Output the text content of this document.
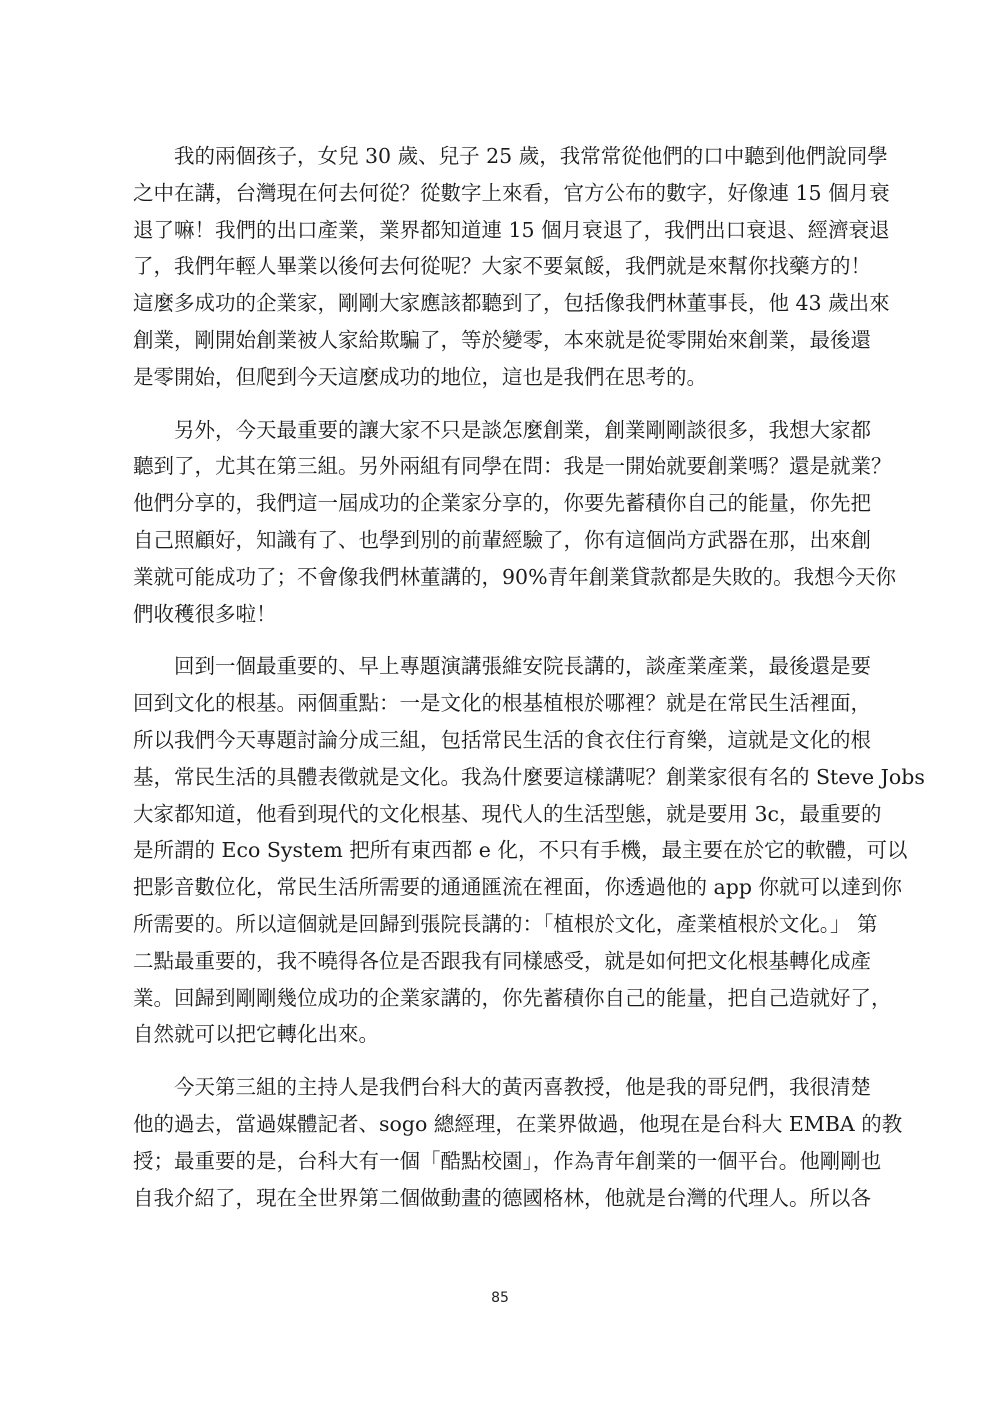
我的兩個孩子，女兒 30 歲、兒子 25 歲，我常常從他們的口中聽到他們說同學
之中在講，台灣現在何去何從？從數字上來看，官方公布的數字，好像連 15 個月衰
退了嘛！我們的出口產業，業界都知道連 15 個月衰退了，我們出口衰退、經濟衰退
了，我們年輕人畢業以後何去何從呢？大家不要氣餒，我們就是來幫你找藥方的！
這麼多成功的企業家，剛剛大家應該都聽到了，包括像我們林董事長，他 43 歲出來
創業，剛開始創業被人家給欺騙了，等於變零，本來就是從零開始來創業，最後還
是零開始，但爬到今天這麼成功的地位，這也是我們在思考的。

另外，今天最重要的讓大家不只是談怎麼創業，創業剛剛談很多，我想大家都
聽到了，尤其在第三組。另外兩組有同學在問：我是一開始就要創業嗎？還是就業？
他們分享的，我們這一屆成功的企業家分享的，你要先蓄積你自己的能量，你先把
自己照顧好，知識有了、也學到別的前輩經驗了，你有這個尚方武器在那，出來創
業就可能成功了；不會像我們林董講的，90%青年創業貸款都是失敗的。我想今天你
們收穫很多啦！

回到一個最重要的、早上專題演講張維安院長講的，談產業產業，最後還是要
回到文化的根基。兩個重點：一是文化的根基植根於哪裡？就是在常民生活裡面，
所以我們今天專題討論分成三組，包括常民生活的食衣住行育樂，這就是文化的根
基，常民生活的具體表徵就是文化。我為什麼要這樣講呢？創業家很有名的 Steve Jobs
大家都知道，他看到現代的文化根基、現代人的生活型態，就是要用 3c，最重要的
是所謂的 Eco System 把所有東西都 e 化，不只有手機，最主要在於它的軟體，可以
把影音數位化，常民生活所需要的通通匯流在裡面，你透過他的 app 你就可以達到你
所需要的。所以這個就是回歸到張院長講的：「植根於文化，產業植根於文化。」 第
二點最重要的，我不曉得各位是否跟我有同樣感受，就是如何把文化根基轉化成產
業。回歸到剛剛幾位成功的企業家講的，你先蓄積你自己的能量，把自己造就好了，
自然就可以把它轉化出來。

今天第三組的主持人是我們台科大的黃丙喜教授，他是我的哥兒們，我很清楚
他的過去，當過媒體記者、sogo 總經理，在業界做過，他現在是台科大 EMBA 的教
授；最重要的是，台科大有一個「酷點校園」，作為青年創業的一個平台。他剛剛也
自我介紹了，現在全世界第二個做動畫的德國格林，他就是台灣的代理人。所以各

85
